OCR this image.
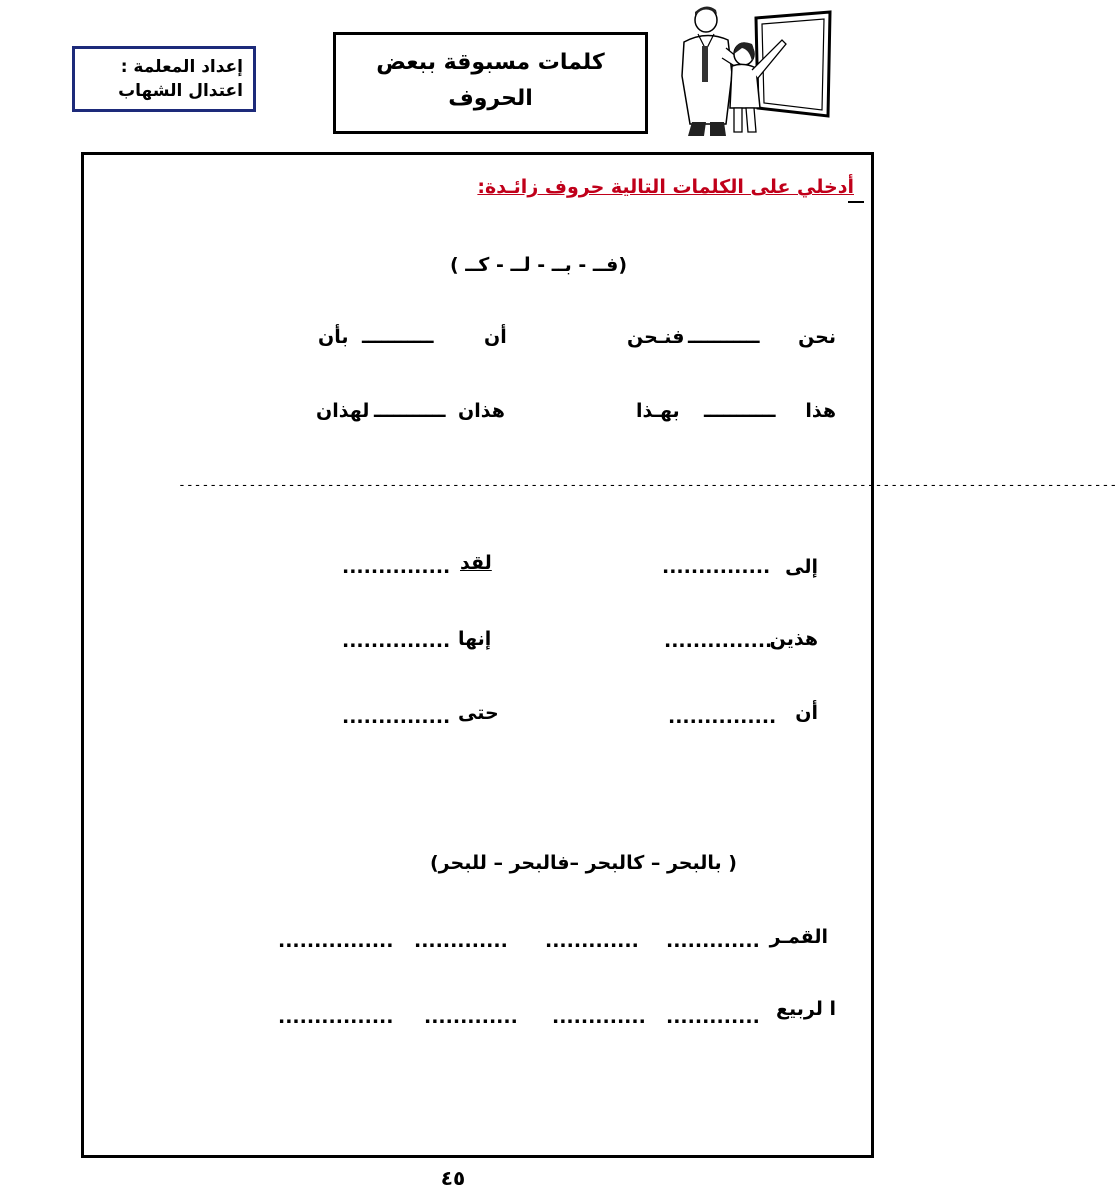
إعداد المعلمة :
اعتدال الشهاب
كلمات مسبوقة ببعض
الحروف
أدخلي على الكلمات التالية حروف زائـدة:
(فــ - بــ - لــ - كــ )
نحن
ـــــــــــ
فنـحن
أن
ـــــــــــ
بأن
هذا
ـــــــــــ
بهـذا
هذان
ـــــــــــ
لهذان
------------------------------------------------------------------------------------------------------------------------
إلى
...............
لقد
...............
هذين
...............
إنها
...............
أن
...............
حتى
...............
( بالبحر – كالبحر –فالبحر – للبحر)
القمـر
.............
.............
.............
................
ا لربيع
.............
.............
.............
................
٤٥
